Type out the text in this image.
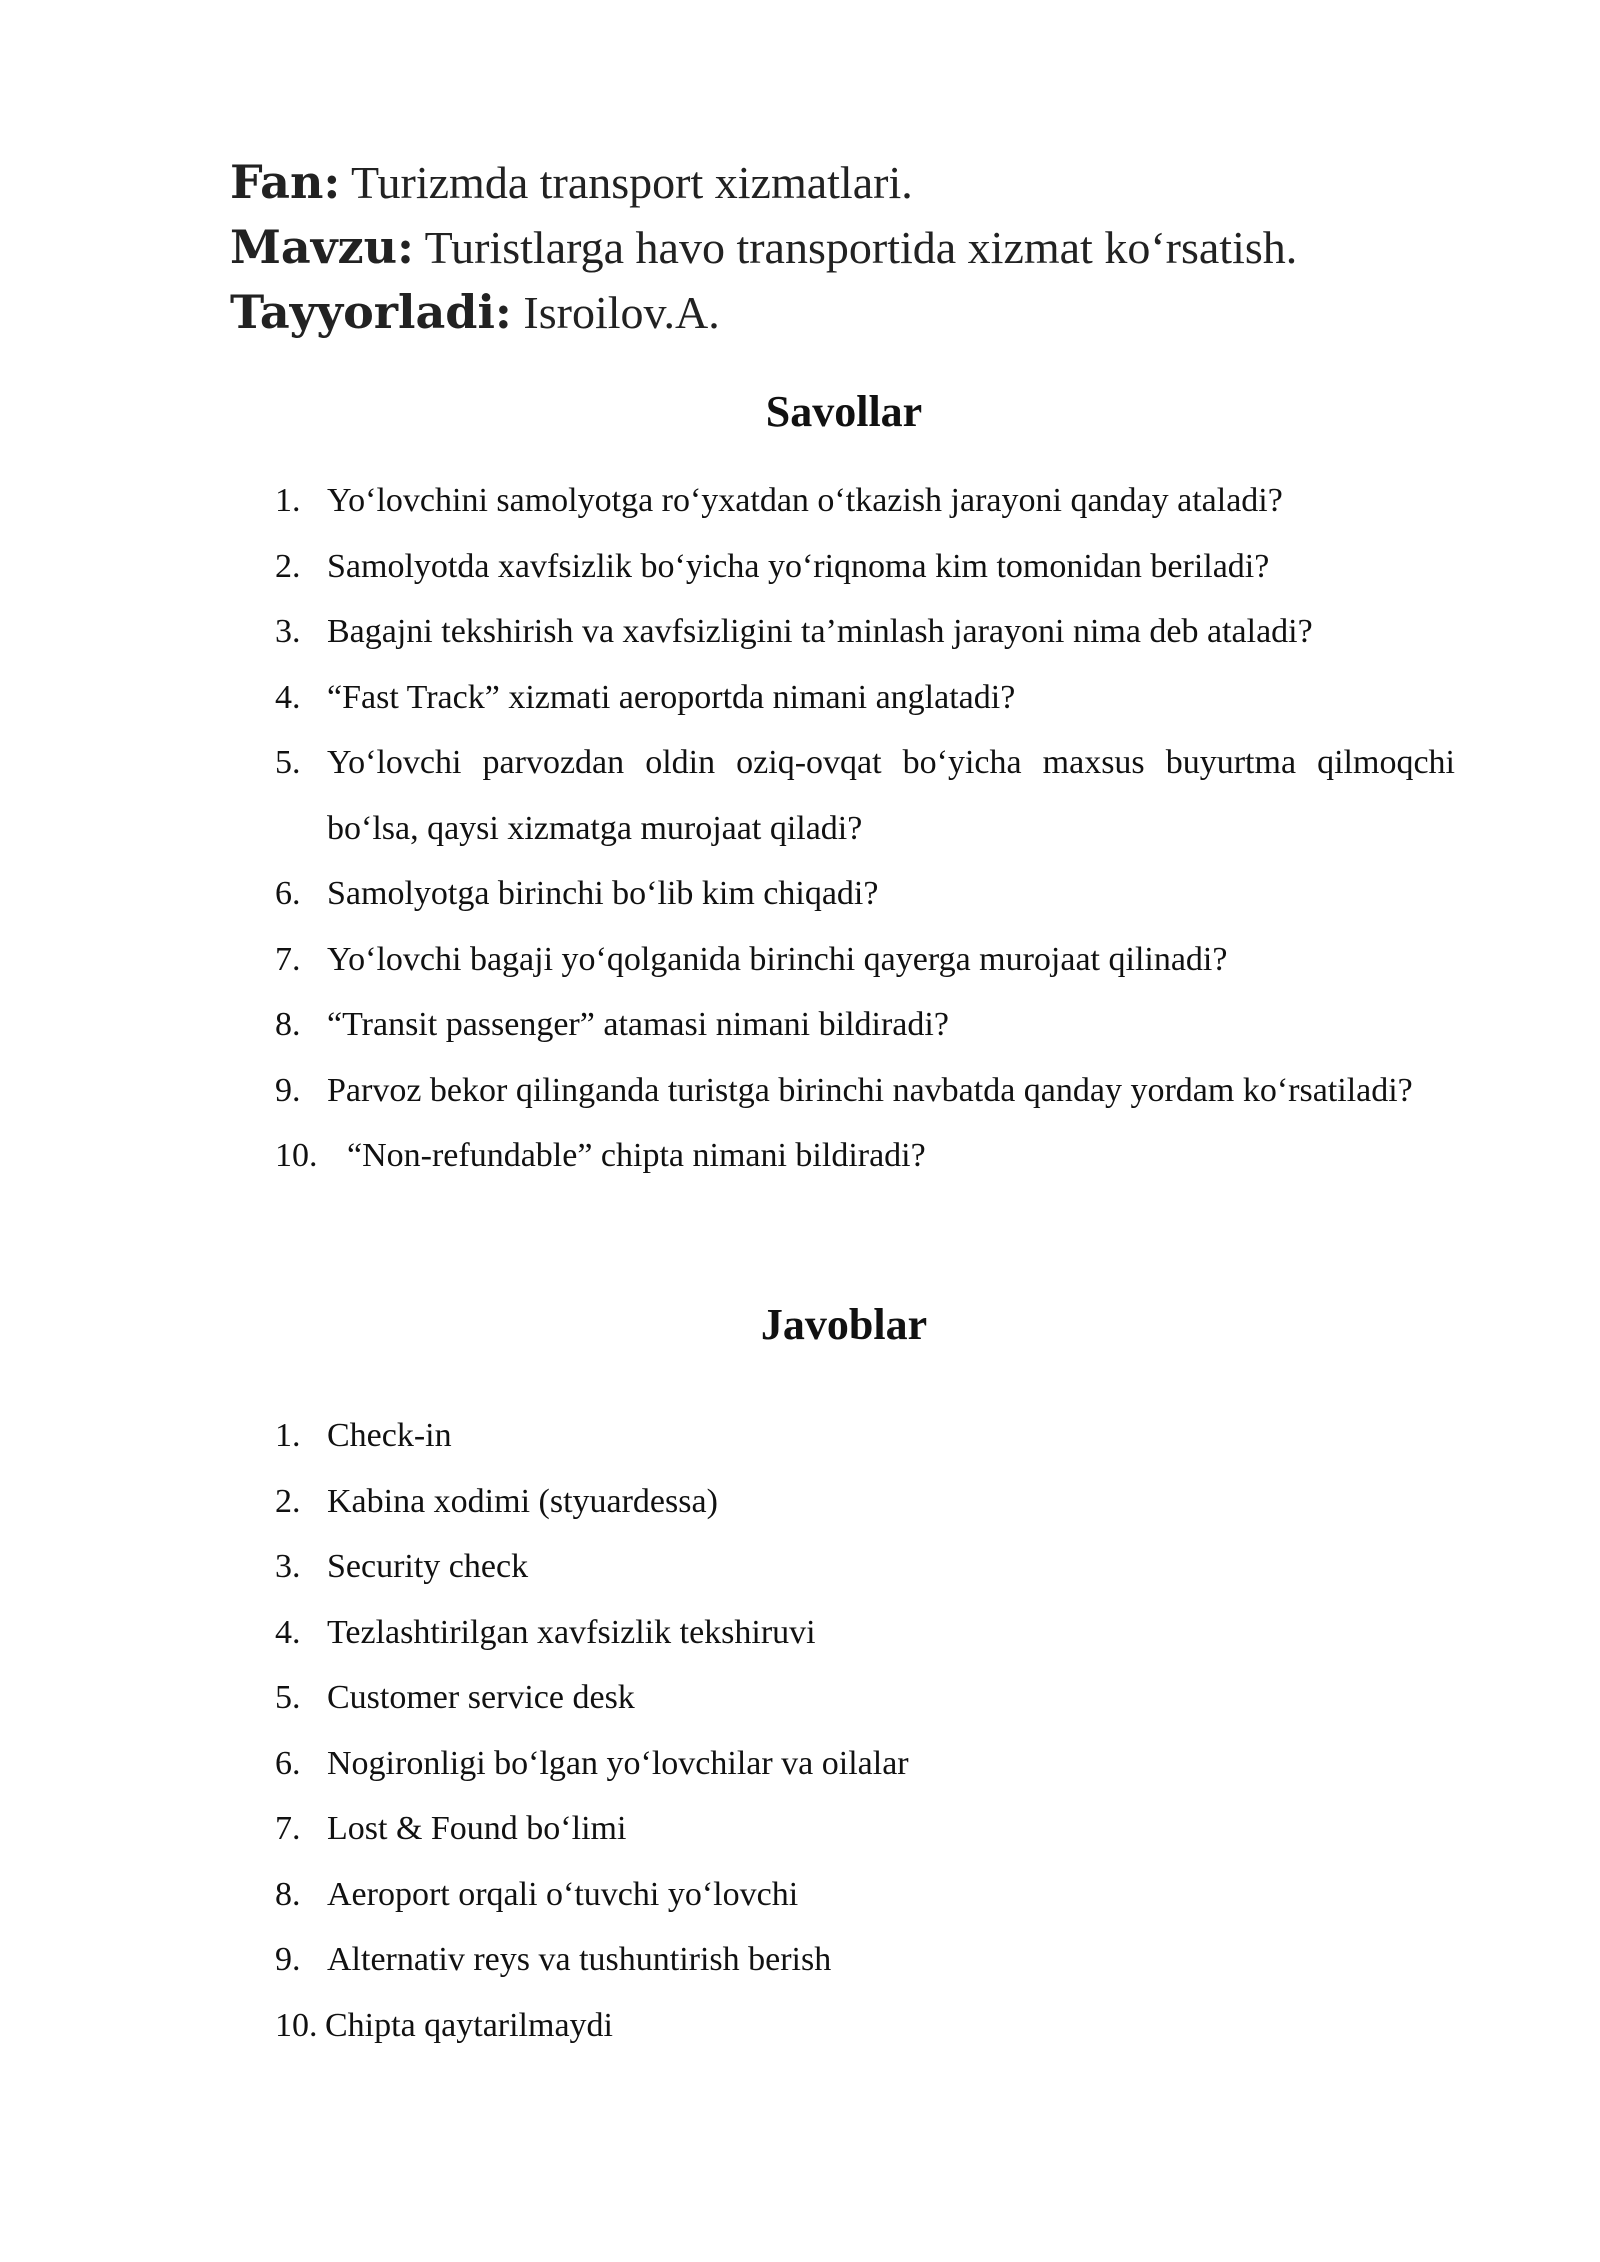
Fan: Turizmda transport xizmatlari.
Mavzu: Turistlarga havo transportida xizmat koʻrsatish.
Tayyorladi: Isroilov.A.
Savollar
1. Yoʻlovchini samolyotga roʻyxatdan oʻtkazish jarayoni qanday ataladi?
2. Samolyotda xavfsizlik boʻyicha yoʻriqnoma kim tomonidan beriladi?
3. Bagajni tekshirish va xavfsizligini ta’minlash jarayoni nima deb ataladi?
4. “Fast Track” xizmati aeroportda nimani anglatadi?
5. Yoʻlovchi parvozdan oldin oziq-ovqat boʻyicha maxsus buyurtma qilmoqchi boʻlsa, qaysi xizmatga murojaat qiladi?
6. Samolyotga birinchi boʻlib kim chiqadi?
7. Yoʻlovchi bagaji yoʻqolganida birinchi qayerga murojaat qilinadi?
8. “Transit passenger” atamasi nimani bildiradi?
9. Parvoz bekor qilinganda turistga birinchi navbatda qanday yordam koʻrsatiladi?
10. “Non-refundable” chipta nimani bildiradi?
Javoblar
1. Check-in
2. Kabina xodimi (styuardessa)
3. Security check
4. Tezlashtirilgan xavfsizlik tekshiruvi
5. Customer service desk
6. Nogironligi boʻlgan yoʻlovchilar va oilalar
7. Lost & Found boʻlimi
8. Aeroport orqali oʻtuvchi yoʻlovchi
9. Alternativ reys va tushuntirish berish
10. Chipta qaytarilmaydi
